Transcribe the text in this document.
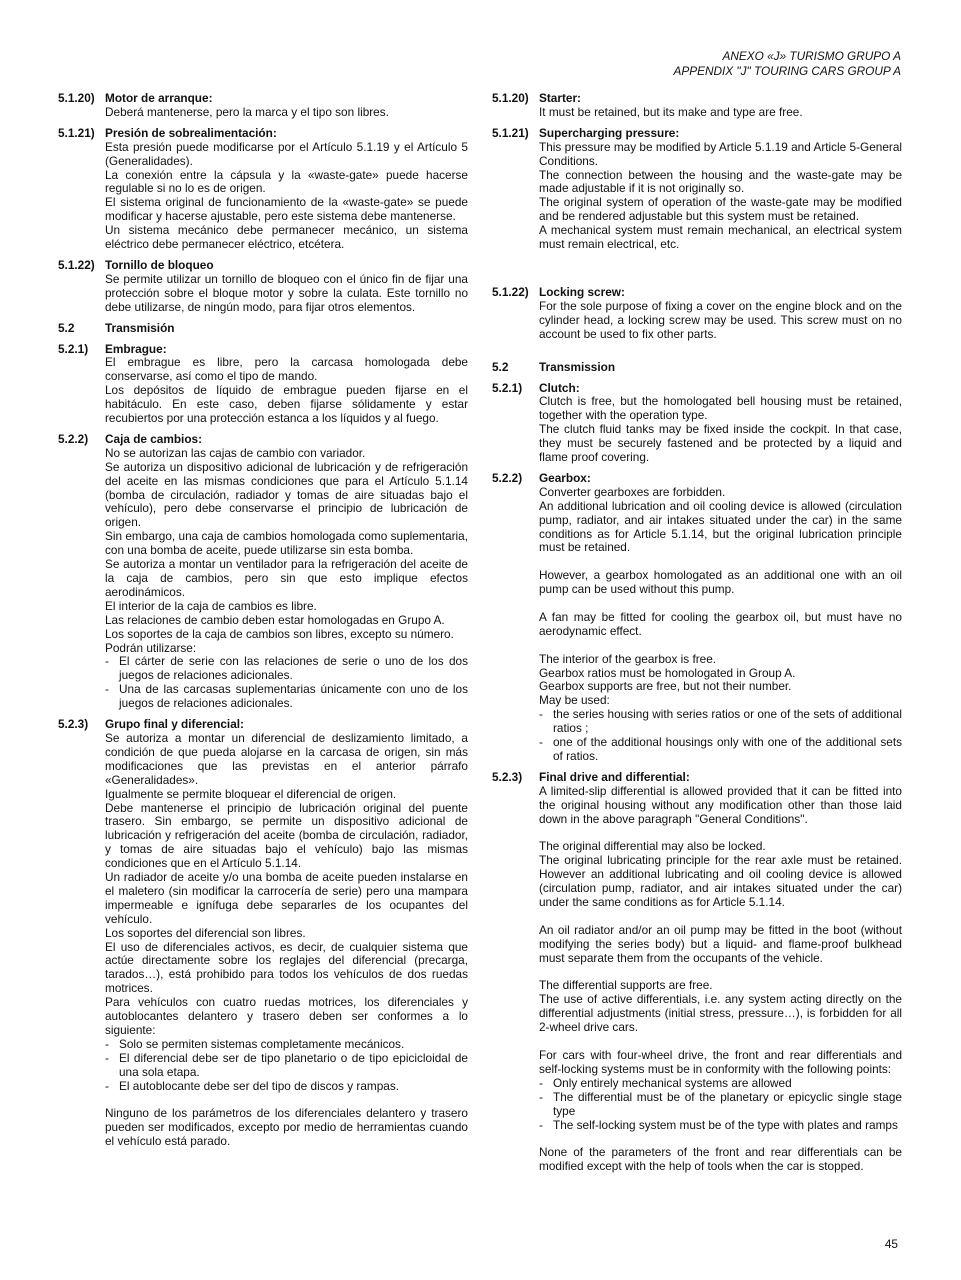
ANEXO «J» TURISMO GRUPO A
APPENDIX "J" TOURING CARS GROUP A
5.1.20) Motor de arranque:

Deberá mantenerse, pero la marca y el tipo son libres.

5.1.21) Presión de sobrealimentación:

Esta presión puede modificarse por el Artículo 5.1.19 y el Artículo 5 (Generalidades).

La conexión entre la cápsula y la «waste-gate» puede hacerse regulable si no lo es de origen.

El sistema original de funcionamiento de la «waste-gate» se puede modificar y hacerse ajustable, pero este sistema debe mantenerse.

Un sistema mecánico debe permanecer mecánico, un sistema eléctrico debe permanecer eléctrico, etcétera.

5.1.22) Tornillo de bloqueo

Se permite utilizar un tornillo de bloqueo con el único fin de fijar una protección sobre el bloque motor y sobre la culata. Este tornillo no debe utilizarse, de ningún modo, para fijar otros elementos.

5.2	Transmisión
5.2.1)	Embrague:

El embrague es libre, pero la carcasa homologada debe conservarse, así como el tipo de mando.

Los depósitos de líquido de embrague pueden fijarse en el habitáculo. En este caso, deben fijarse sólidamente y estar recubiertos por una protección estanca a los líquidos y al fuego.

5.2.2)	Caja de cambios:

No se autorizan las cajas de cambio con variador.

Se autoriza un dispositivo adicional de lubricación y de refrigeración del aceite en las mismas condiciones que para el Artículo 5.1.14 (bomba de circulación, radiador y tomas de aire situadas bajo el vehículo), pero debe conservarse el principio de lubricación de origen.

Sin embargo, una caja de cambios homologada como suplementaria, con una bomba de aceite, puede utilizarse sin esta bomba.

Se autoriza a montar un ventilador para la refrigeración del aceite de la caja de cambios, pero sin que esto implique efectos aerodinámicos.

El interior de la caja de cambios es libre.

Las relaciones de cambio deben estar homologadas en Grupo A.

Los soportes de la caja de cambios son libres, excepto su número.

Podrán utilizarse:

- El cárter de serie con las relaciones de serie o uno de los dos juegos de relaciones adicionales.
- Una de las carcasas suplementarias únicamente con uno de los juegos de relaciones adicionales.
5.2.3)	Grupo final y diferencial:

Se autoriza a montar un diferencial de deslizamiento limitado, a condición de que pueda alojarse en la carcasa de origen, sin más modificaciones que las previstas en el anterior párrafo «Generalidades».

Igualmente se permite bloquear el diferencial de origen.

Debe mantenerse el principio de lubricación original del puente trasero. Sin embargo, se permite un dispositivo adicional de lubricación y refrigeración del aceite (bomba de circulación, radiador, y tomas de aire situadas bajo el vehículo) bajo las mismas condiciones que en el Artículo 5.1.14.

Un radiador de aceite y/o una bomba de aceite pueden instalarse en el maletero (sin modificar la carrocería de serie) pero una mampara impermeable e ignífuga debe separarles de los ocupantes del vehículo.

Los soportes del diferencial son libres.

El uso de diferenciales activos, es decir, de cualquier sistema que actúe directamente sobre los reglajes del diferencial (precarga, tarados…), está prohibido para todos los vehículos de dos ruedas motrices.

Para vehículos con cuatro ruedas motrices, los diferenciales y autoblocantes delantero y trasero deben ser conformes a lo siguiente:

- Solo se permiten sistemas completamente mecánicos.
- El diferencial debe ser de tipo planetario o de tipo epicicloidal de una sola etapa.
- El autoblocante debe ser del tipo de discos y rampas.

Ninguno de los parámetros de los diferenciales delantero y trasero pueden ser modificados, excepto por medio de herramientas cuando el vehículo está parado.

5.1.20) Starter:

It must be retained, but its make and type are free.

5.1.21) Supercharging pressure:

This pressure may be modified by Article 5.1.19 and Article 5-General Conditions.

The connection between the housing and the waste-gate may be made adjustable if it is not originally so.

The original system of operation of the waste-gate may be modified and be rendered adjustable but this system must be retained.

A mechanical system must remain mechanical, an electrical system must remain electrical, etc.

5.1.22) Locking screw:

For the sole purpose of fixing a cover on the engine block and on the cylinder head, a locking screw may be used. This screw must on no account be used to fix other parts.

5.2	Transmission
5.2.1)	Clutch:

Clutch is free, but the homologated bell housing must be retained, together with the operation type.

The clutch fluid tanks may be fixed inside the cockpit. In that case, they must be securely fastened and be protected by a liquid and flame proof covering.

5.2.2)	Gearbox:

Converter gearboxes are forbidden.

An additional lubrication and oil cooling device is allowed (circulation pump, radiator, and air intakes situated under the car) in the same conditions as for Article 5.1.14, but the original lubrication principle must be retained.

However, a gearbox homologated as an additional one with an oil pump can be used without this pump.

A fan may be fitted for cooling the gearbox oil, but must have no aerodynamic effect.

The interior of the gearbox is free.

Gearbox ratios must be homologated in Group A.

Gearbox supports are free, but not their number.

May be used:

- the series housing with series ratios or one of the sets of additional ratios ;
- one of the additional housings only with one of the additional sets of ratios.
5.2.3)	Final drive and differential:

A limited-slip differential is allowed provided that it can be fitted into the original housing without any modification other than those laid down in the above paragraph "General Conditions".

The original differential may also be locked.

The original lubricating principle for the rear axle must be retained. However an additional lubricating and oil cooling device is allowed (circulation pump, radiator, and air intakes situated under the car) under the same conditions as for Article 5.1.14.

An oil radiator and/or an oil pump may be fitted in the boot (without modifying the series body) but a liquid- and flame-proof bulkhead must separate them from the occupants of the vehicle.

The differential supports are free.

The use of active differentials, i.e. any system acting directly on the differential adjustments (initial stress, pressure…), is forbidden for all 2-wheel drive cars.

For cars with four-wheel drive, the front and rear differentials and self-locking systems must be in conformity with the following points:

- Only entirely mechanical systems are allowed
- The differential must be of the planetary or epicyclic single stage type
- The self-locking system must be of the type with plates and ramps

None of the parameters of the front and rear differentials can be modified except with the help of tools when the car is stopped.

45
